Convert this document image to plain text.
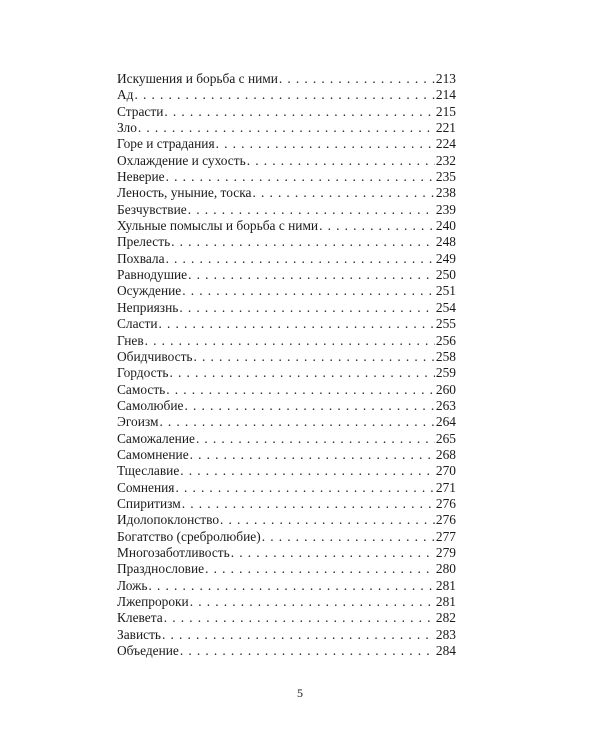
Искушения и борьба с ними . . .	213
Ад . . .	214
Страсти . . .	215
Зло . . .	221
Горе и страдания . . .	224
Охлаждение и сухость . . .	232
Неверие . . .	235
Леность, уныние, тоска . . .	238
Безчувствие . . .	239
Хульные помыслы и борьба с ними . . .	240
Прелесть . . .	248
Похвала . . .	249
Равнодушие . . .	250
Осуждение . . .	251
Неприязнь . . .	254
Сласти . . .	255
Гнев . . .	256
Обидчивость . . .	258
Гордость . . .	259
Самость . . .	260
Самолюбие . . .	263
Эгоизм . . .	264
Саможаление . . .	265
Самомнение . . .	268
Тщеславие . . .	270
Сомнения . . .	271
Спиритизм . . .	276
Идолопоклонство . . .	276
Богатство (сребролюбие) . . .	277
Многозаботливость . . .	279
Празднословие . . .	280
Ложь . . .	281
Лжепророки . . .	281
Клевета . . .	282
Зависть . . .	283
Объедение . . .	284
5
